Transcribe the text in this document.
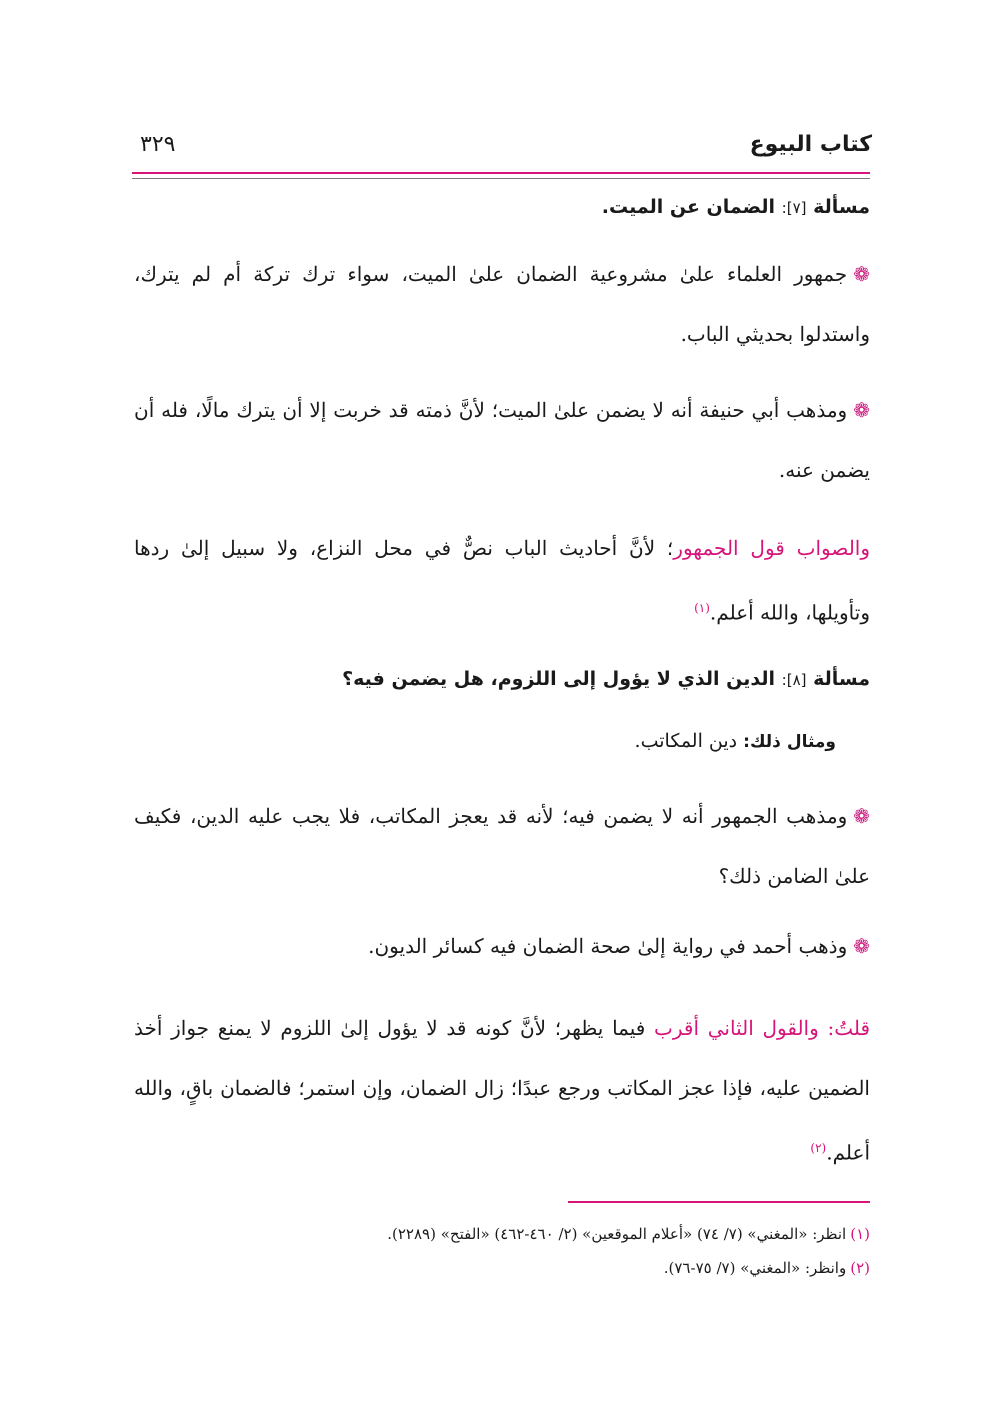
كتاب البيوع
٣٢٩
مسألة [٧]: الضمان عن الميت.
❁جمهور العلماء علىٰ مشروعية الضمان علىٰ الميت، سواء ترك تركة أم لم يترك، واستدلوا بحديثي الباب.
❁ومذهب أبي حنيفة أنه لا يضمن علىٰ الميت؛ لأنَّ ذمته قد خربت إلا أن يترك مالًا، فله أن يضمن عنه.
والصواب قول الجمهور؛ لأنَّ أحاديث الباب نصٌّ في محل النزاع، ولا سبيل إلىٰ ردها وتأويلها، والله أعلم.$^{(١)}$
مسألة [٨]: الدين الذي لا يؤول إلى اللزوم، هل يضمن فيه؟
ومثال ذلك: دين المكاتب.
❁ومذهب الجمهور أنه لا يضمن فيه؛ لأنه قد يعجز المكاتب، فلا يجب عليه الدين، فكيف علىٰ الضامن ذلك؟
❁وذهب أحمد في رواية إلىٰ صحة الضمان فيه كسائر الديون.
قلتُ: والقول الثاني أقرب فيما يظهر؛ لأنَّ كونه قد لا يؤول إلىٰ اللزوم لا يمنع جواز أخذ الضمين عليه، فإذا عجز المكاتب ورجع عبدًا؛ زال الضمان، وإن استمر؛ فالضمان باقٍ، والله أعلم.$^{(٢)}$
(١)انظر: «المغني» (٧/ ٧٤) «أعلام الموقعين» (٢/ ٤٦٠-٤٦٢) «الفتح» (٢٢٨٩).
(٢)وانظر: «المغني» (٧/ ٧٥-٧٦).
